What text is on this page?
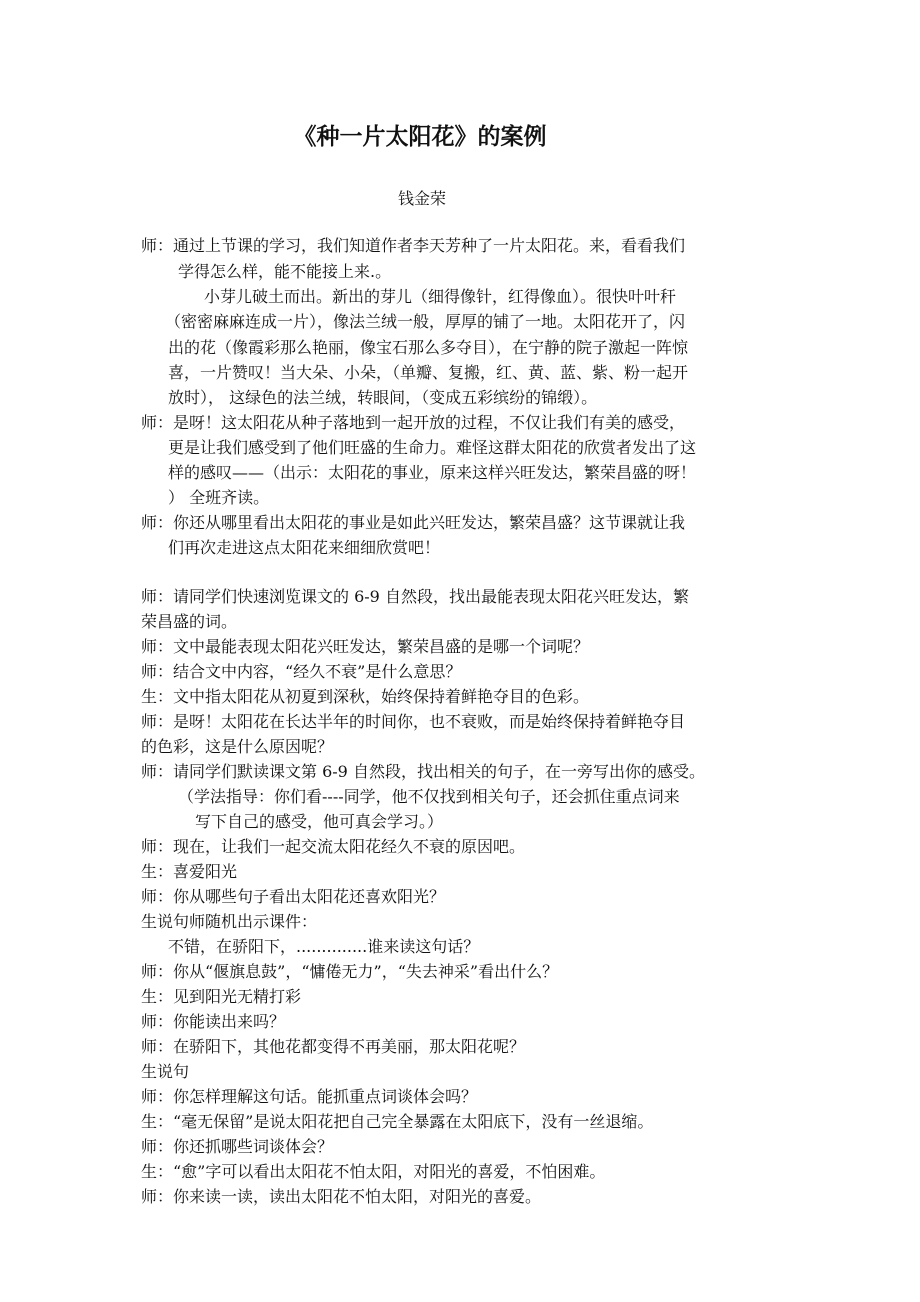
《种一片太阳花》的案例
钱金荣
师：通过上节课的学习，我们知道作者李天芳种了一片太阳花。来，看看我们
学得怎么样，能不能接上来.。
小芽儿破土而出。新出的芽儿（细得像针，红得像血）。很快叶叶秆
（密密麻麻连成一片），像法兰绒一般，厚厚的铺了一地。太阳花开了，闪
出的花（像霞彩那么艳丽，像宝石那么多夺目），在宁静的院子激起一阵惊
喜，一片赞叹！当大朵、小朵，（单瓣、复搬，红、黄、蓝、紫、粉一起开
放时）， 这绿色的法兰绒，转眼间，（变成五彩缤纷的锦缎）。
师：是呀！这太阳花从种子落地到一起开放的过程，不仅让我们有美的感受，
更是让我们感受到了他们旺盛的生命力。难怪这群太阳花的欣赏者发出了这
样的感叹——（出示：太阳花的事业，原来这样兴旺发达，繁荣昌盛的呀！
） 全班齐读。
师：你还从哪里看出太阳花的事业是如此兴旺发达，繁荣昌盛？这节课就让我
们再次走进这点太阳花来细细欣赏吧！
师：请同学们快速浏览课文的 6-9 自然段，找出最能表现太阳花兴旺发达，繁
荣昌盛的词。
师：文中最能表现太阳花兴旺发达，繁荣昌盛的是哪一个词呢？
师：结合文中内容，“经久不衰”是什么意思？
生：文中指太阳花从初夏到深秋，始终保持着鲜艳夺目的色彩。
师：是呀！太阳花在长达半年的时间你，也不衰败，而是始终保持着鲜艳夺目
的色彩，这是什么原因呢？
师：请同学们默读课文第 6-9 自然段，找出相关的句子，在一旁写出你的感受。
（学法指导：你们看----同学，他不仅找到相关句子，还会抓住重点词来
写下自己的感受，他可真会学习。）
师：现在，让我们一起交流太阳花经久不衰的原因吧。
生：喜爱阳光
师：你从哪些句子看出太阳花还喜欢阳光？
生说句师随机出示课件：
不错，在骄阳下，..............谁来读这句话？
师：你从“偃旗息鼓”，“慵倦无力”，“失去神采”看出什么？
生：见到阳光无精打彩
师：你能读出来吗？
师：在骄阳下，其他花都变得不再美丽，那太阳花呢？
生说句
师：你怎样理解这句话。能抓重点词谈体会吗？
生：“毫无保留”是说太阳花把自己完全暴露在太阳底下，没有一丝退缩。
师：你还抓哪些词谈体会？
生：“愈”字可以看出太阳花不怕太阳，对阳光的喜爱，不怕困难。
师：你来读一读，读出太阳花不怕太阳，对阳光的喜爱。
